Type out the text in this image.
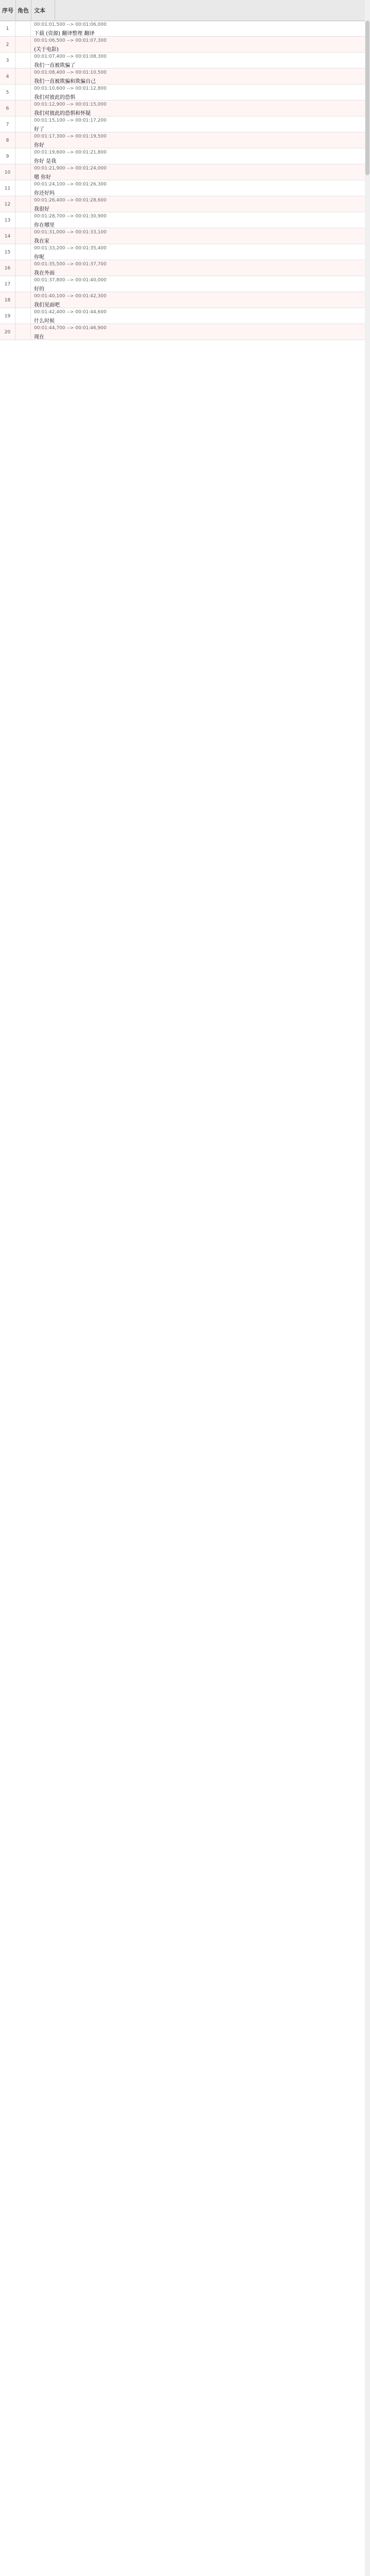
序号 角色 文本
1
00:01:01,500 --> 00:01:06,000
下载 (资源) 翻译整理 翻译
2
00:01:06,500 --> 00:01:07,300
(关于电影)
3
00:01:07,400 --> 00:01:08,300
我们一直被欺骗了
4
00:01:08,400 --> 00:01:10,500
我们一直被欺骗和欺骗自己
5
00:01:10,600 --> 00:01:12,800
我们对彼此的恐惧
6
00:01:12,900 --> 00:01:15,000
我们对彼此的恐惧和怀疑
7
00:01:15,100 --> 00:01:17,200
好了
8
00:01:17,300 --> 00:01:19,500
你好
9
00:01:19,600 --> 00:01:21,800
你好 是我
10
00:01:21,900 --> 00:01:24,000
嗯 你好
11
00:01:24,100 --> 00:01:26,300
你还好吗
12
00:01:26,400 --> 00:01:28,600
我很好
13
00:01:28,700 --> 00:01:30,900
你在哪里
14
00:01:31,000 --> 00:01:33,100
我在家
15
00:01:33,200 --> 00:01:35,400
你呢
16
00:01:35,500 --> 00:01:37,700
我在外面
17
00:01:37,800 --> 00:01:40,000
好的
18
00:01:40,100 --> 00:01:42,300
我们见面吧
19
00:01:42,400 --> 00:01:44,600
什么时候
20
00:01:44,700 --> 00:01:46,900
现在
